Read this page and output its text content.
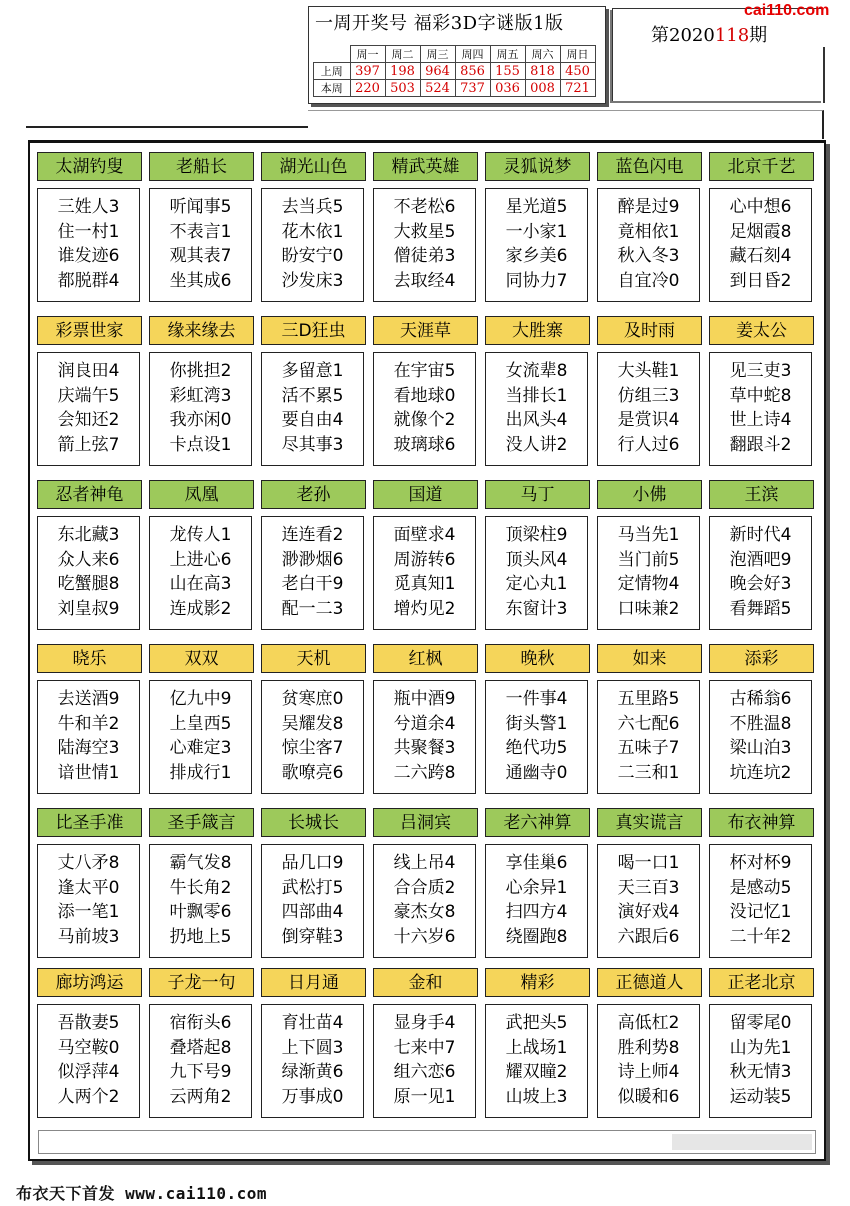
一周开奖号 福彩3D字谜版1版
	周一	周二	周三	周四	周五	周六	周日
上周	397	198	964	856	155	818	450
本周	220	503	524	737	036	008	721
第2020118期
cai110.com
太湖钓叟
三姓人3
住一村1
谁发迹6
都脱群4
老船长
听闻事5
不表言1
观其表7
坐其成6
湖光山色
去当兵5
花木依1
盼安宁0
沙发床3
精武英雄
不老松6
大救星5
僧徒弟3
去取经4
灵狐说梦
星光道5
一小家1
家乡美6
同协力7
蓝色闪电
醉是过9
竟相依1
秋入冬3
自宜冷0
北京千艺
心中想6
足烟霞8
藏石刻4
到日昏2
彩票世家
润良田4
庆端午5
会知还2
箭上弦7
缘来缘去
你挑担2
彩虹湾3
我亦闲0
卡点设1
三D狂虫
多留意1
活不累5
要自由4
尽其事3
天涯草
在宇宙5
看地球0
就像个2
玻璃球6
大胜寨
女流辈8
当排长1
出风头4
没人讲2
及时雨
大头鞋1
仿组三3
是赏识4
行人过6
姜太公
见三吏3
草中蛇8
世上诗4
翻跟斗2
忍者神龟
东北藏3
众人来6
吃蟹腿8
刘皇叔9
凤凰
龙传人1
上进心6
山在高3
连成影2
老孙
连连看2
渺渺烟6
老白干9
配一二3
国道
面壁求4
周游转6
觅真知1
增灼见2
马丁
顶梁柱9
顶头风4
定心丸1
东窗计3
小佛
马当先1
当门前5
定情物4
口味兼2
王滨
新时代4
泡酒吧9
晚会好3
看舞蹈5
晓乐
去送酒9
牛和羊2
陆海空3
谙世情1
双双
亿九中9
上皇西5
心难定3
排成行1
天机
贫寒庶0
吴耀发8
惊尘客7
歌嘹亮6
红枫
瓶中酒9
兮道余4
共聚餐3
二六跨8
晚秋
一件事4
街头警1
绝代功5
通幽寺0
如来
五里路5
六七配6
五味子7
二三和1
添彩
古稀翁6
不胜温8
梁山泊3
坑连坑2
比圣手准
丈八矛8
逢太平0
添一笔1
马前坡3
圣手箴言
霸气发8
牛长角2
叶飘零6
扔地上5
长城长
品几口9
武松打5
四部曲4
倒穿鞋3
吕洞宾
线上吊4
合合质2
豪杰女8
十六岁6
老六神算
享佳巢6
心余异1
扫四方4
绕圈跑8
真实谎言
喝一口1
天三百3
演好戏4
六跟后6
布衣神算
杯对杯9
是感动5
没记忆1
二十年2
廊坊鸿运
吾散妻5
马空鞍0
似浮萍4
人两个2
子龙一句
宿衔头6
叠塔起8
九下号9
云两角2
日月通
育壮苗4
上下圆3
绿渐黄6
万事成0
金和
显身手4
七来中7
组六恋6
原一见1
精彩
武把头5
上战场1
耀双瞳2
山坡上3
正德道人
高低杠2
胜利势8
诗上师4
似暖和6
正老北京
留零尾0
山为先1
秋无情3
运动装5
布衣天下首发 www.cai110.com
